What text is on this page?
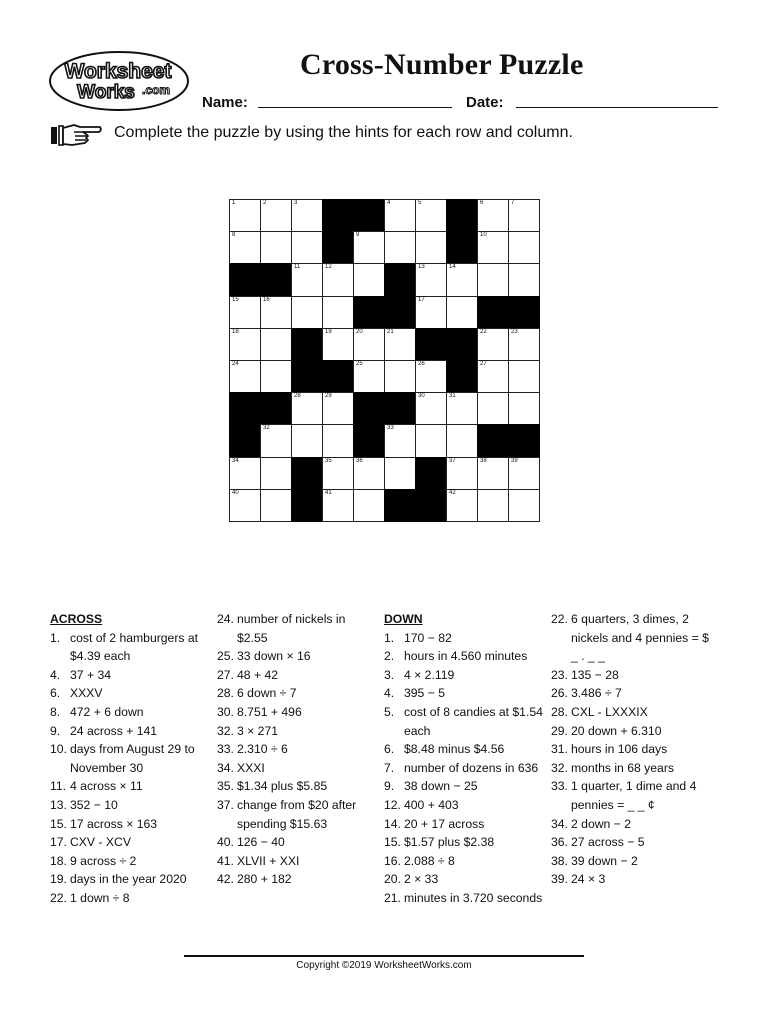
Worksheet
Works .com
Cross-Number Puzzle
Name:	Date:
Complete the puzzle by using the hints for each row and column.
1	2	3	4	5	6	7
8	9	10
11	12	13	14
15	16	17
18	19	20	21	22	23
24	25	26	27
28	29	30	31
32	33
34	35	36	37	38	39
40	41	42
ACROSS
1. cost of 2 hamburgers at $4.39 each
4. 37 + 34
6. XXXV
8. 472 + 6 down
9. 24 across + 141
10. days from August 29 to November 30
11. 4 across × 11
13. 352 − 10
15. 17 across × 163
17. CXV - XCV
18. 9 across ÷ 2
19. days in the year 2020
22. 1 down ÷ 8
24. number of nickels in $2.55
25. 33 down × 16
27. 48 + 42
28. 6 down ÷ 7
30. 8.751 + 496
32. 3 × 271
33. 2.310 ÷ 6
34. XXXI
35. $1.34 plus $5.85
37. change from $20 after spending $15.63
40. 126 − 40
41. XLVII + XXI
42. 280 + 182
DOWN
1. 170 − 82
2. hours in 4.560 minutes
3. 4 × 2.119
4. 395 − 5
5. cost of 8 candies at $1.54 each
6. $8.48 minus $4.56
7. number of dozens in 636
9. 38 down − 25
12. 400 + 403
14. 20 + 17 across
15. $1.57 plus $2.38
16. 2.088 ÷ 8
20. 2 × 33
21. minutes in 3.720 seconds
22. 6 quarters, 3 dimes, 2 nickels and 4 pennies = $ _ . _ _
23. 135 − 28
26. 3.486 ÷ 7
28. CXL - LXXXIX
29. 20 down + 6.310
31. hours in 106 days
32. months in 68 years
33. 1 quarter, 1 dime and 4 pennies = _ _ ¢
34. 2 down − 2
36. 27 across − 5
38. 39 down − 2
39. 24 × 3
Copyright ©2019 WorksheetWorks.com
